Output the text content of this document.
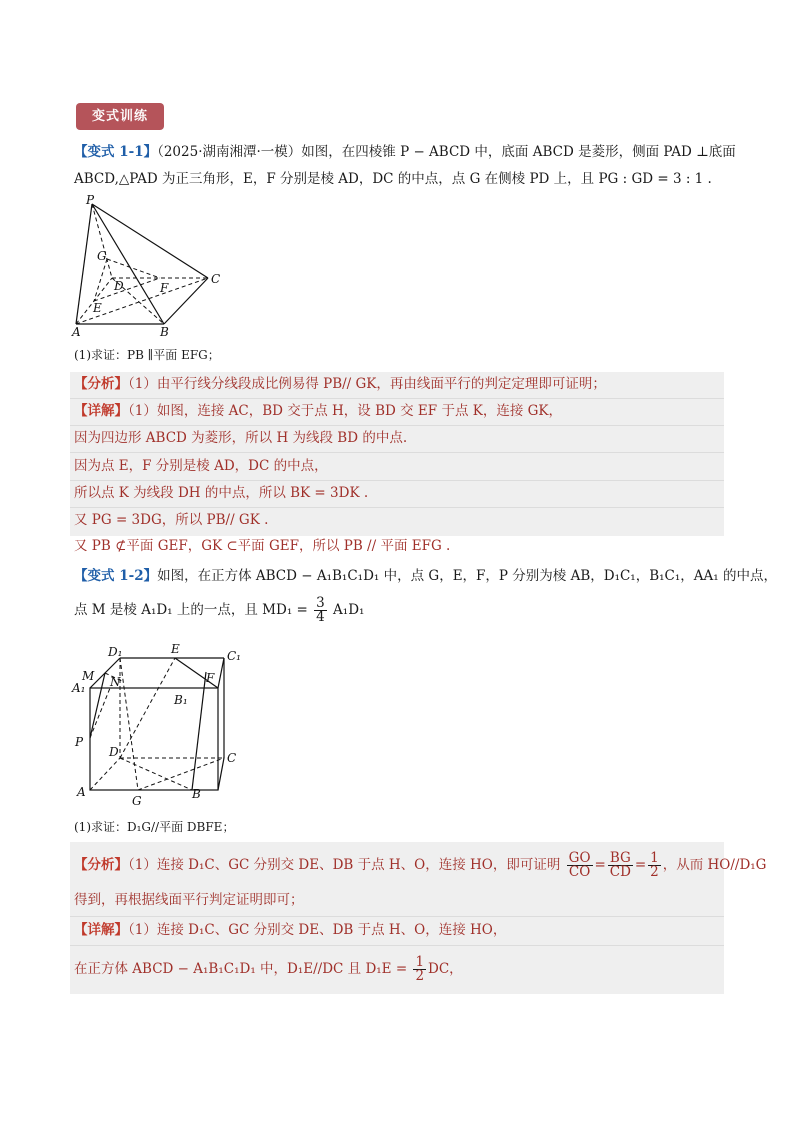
变式训练
【变式 1-1】（2025·湖南湘潭·一模）如图，在四棱锥 P − ABCD 中，底面 ABCD 是菱形，侧面 PAD ⊥底面
ABCD,△PAD 为正三角形，E，F 分别是棱 AD，DC 的中点，点 G 在侧棱 PD 上，且 PG : GD = 3 : 1 .
P
G
C
D	F
E
A	B
(1)求证：PB ∥平面 EFG；
【分析】（1）由平行线分线段成比例易得 PB// GK，再由线面平行的判定定理即可证明；
【详解】（1）如图，连接 AC，BD 交于点 H，设 BD 交 EF 于点 K，连接 GK，
因为四边形 ABCD 为菱形，所以 H 为线段 BD 的中点.
因为点 E，F 分别是棱 AD，DC 的中点，
所以点 K 为线段 DH 的中点，所以 BK = 3DK .
又 PG = 3DG，所以 PB// GK .
又 PB ⊄平面 GEF，GK ⊂平面 GEF，所以 PB // 平面 EFG .
【变式 1-2】如图，在正方体 ABCD − A₁B₁C₁D₁ 中，点 G，E，F，P 分别为棱 AB，D₁C₁，B₁C₁，AA₁ 的中点，
点 M 是棱 A₁D₁ 上的一点，且 $MD_1 = \frac{3}{4} A_1D_1$
D₁	E	C₁
M
A₁ N	F
B₁
P
D	C
A
G	B
(1)求证：D₁G//平面 DBFE；
【分析】（1）连接 D₁C、GC 分别交 DE、DB 于点 H、O，连接 HO，即可证明 $\frac{GO}{CO} = \frac{BG}{CD} = \frac{1}{2}$ ，从而 HO//D₁G
得到，再根据线面平行判定证明即可；
【详解】（1）连接 D₁C、GC 分别交 DE、DB 于点 H、O，连接 HO，
在正方体 ABCD − A₁B₁C₁D₁ 中，D₁E//DC 且 $D_1E = \frac{1}{2}$ DC，
